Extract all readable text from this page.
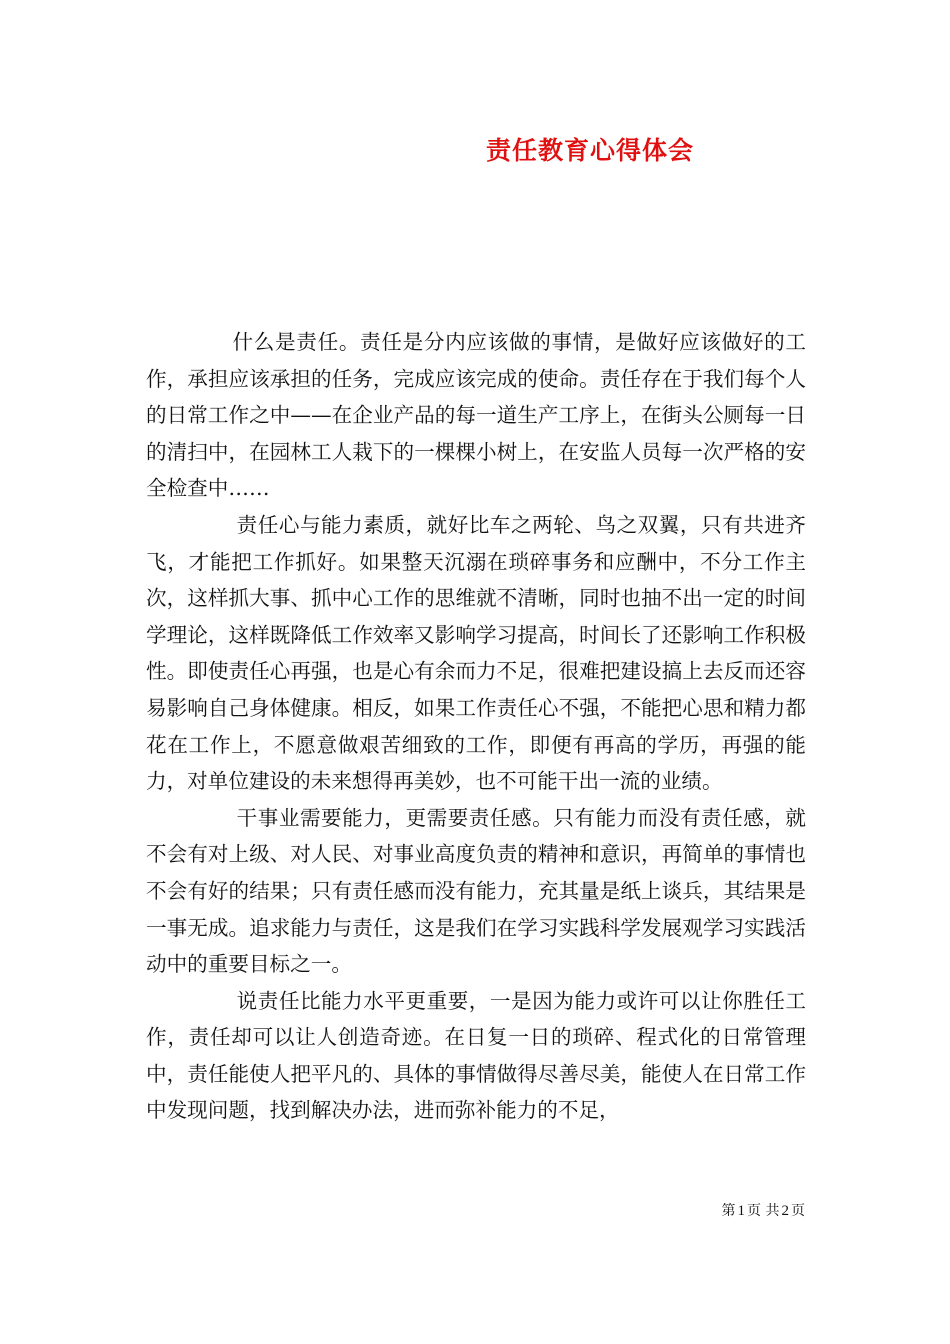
责任教育心得体会

什么是责任。责任是分内应该做的事情，是做好应该做好的工作，承担应该承担的任务，完成应该完成的使命。责任存在于我们每个人的日常工作之中——在企业产品的每一道生产工序上，在街头公厕每一日的清扫中，在园林工人栽下的一棵棵小树上，在安监人员每一次严格的安全检查中……

责任心与能力素质，就好比车之两轮、鸟之双翼，只有共进齐飞，才能把工作抓好。如果整天沉溺在琐碎事务和应酬中，不分工作主次，这样抓大事、抓中心工作的思维就不清晰，同时也抽不出一定的时间学理论，这样既降低工作效率又影响学习提高，时间长了还影响工作积极性。即使责任心再强，也是心有余而力不足，很难把建设搞上去反而还容易影响自己身体健康。相反，如果工作责任心不强，不能把心思和精力都花在工作上，不愿意做艰苦细致的工作，即便有再高的学历，再强的能力，对单位建设的未来想得再美妙，也不可能干出一流的业绩。

干事业需要能力，更需要责任感。只有能力而没有责任感，就不会有对上级、对人民、对事业高度负责的精神和意识，再简单的事情也不会有好的结果；只有责任感而没有能力，充其量是纸上谈兵，其结果是一事无成。追求能力与责任，这是我们在学习实践科学发展观学习实践活动中的重要目标之一。

说责任比能力水平更重要，一是因为能力或许可以让你胜任工作，责任却可以让人创造奇迹。在日复一日的琐碎、程式化的日常管理中，责任能使人把平凡的、具体的事情做得尽善尽美，能使人在日常工作中发现问题，找到解决办法，进而弥补能力的不足，

第 1 页 共 2 页
